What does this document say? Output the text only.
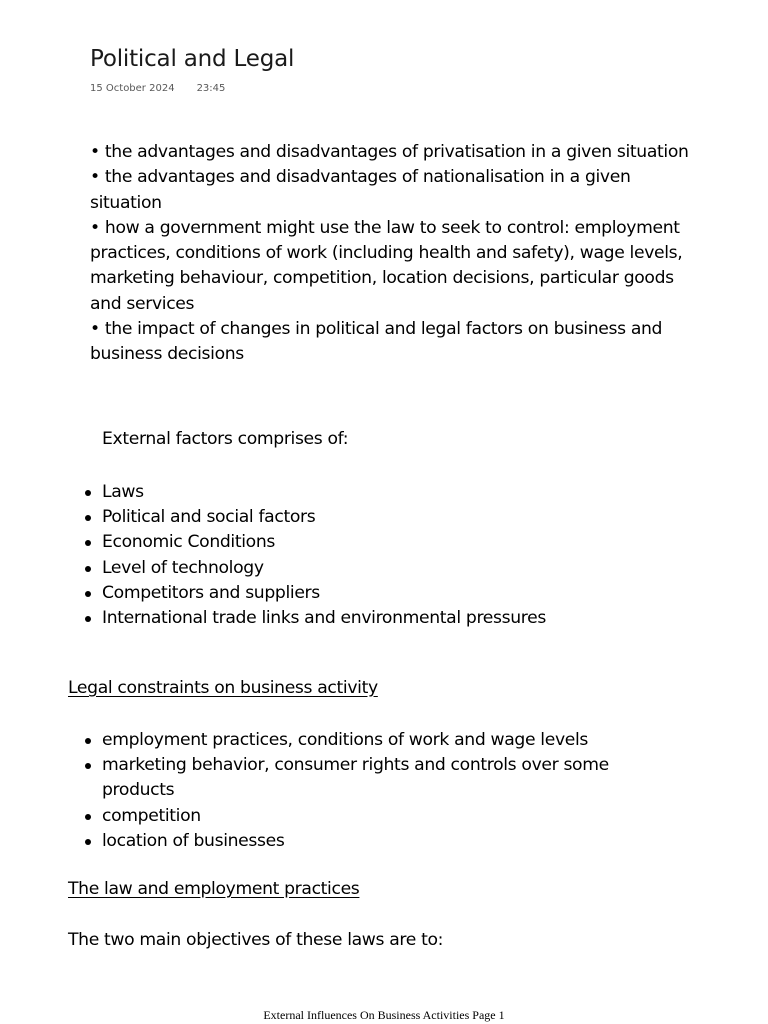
Political and Legal
15 October 2024 23:45

• the advantages and disadvantages of privatisation in a given situation

• the advantages and disadvantages of nationalisation in a given situation

• how a government might use the law to seek to control: employment practices, conditions of work (including health and safety), wage levels, marketing behaviour, competition, location decisions, particular goods and services

• the impact of changes in political and legal factors on business and business decisions

External factors comprises of:

Laws
Political and social factors
Economic Conditions
Level of technology
Competitors and suppliers
International trade links and environmental pressures
Legal constraints on business activity
employment practices, conditions of work and wage levels
marketing behavior, consumer rights and controls over some products
competition
location of businesses
The law and employment practices

The two main objectives of these laws are to:

External Influences On Business Activities Page 1
